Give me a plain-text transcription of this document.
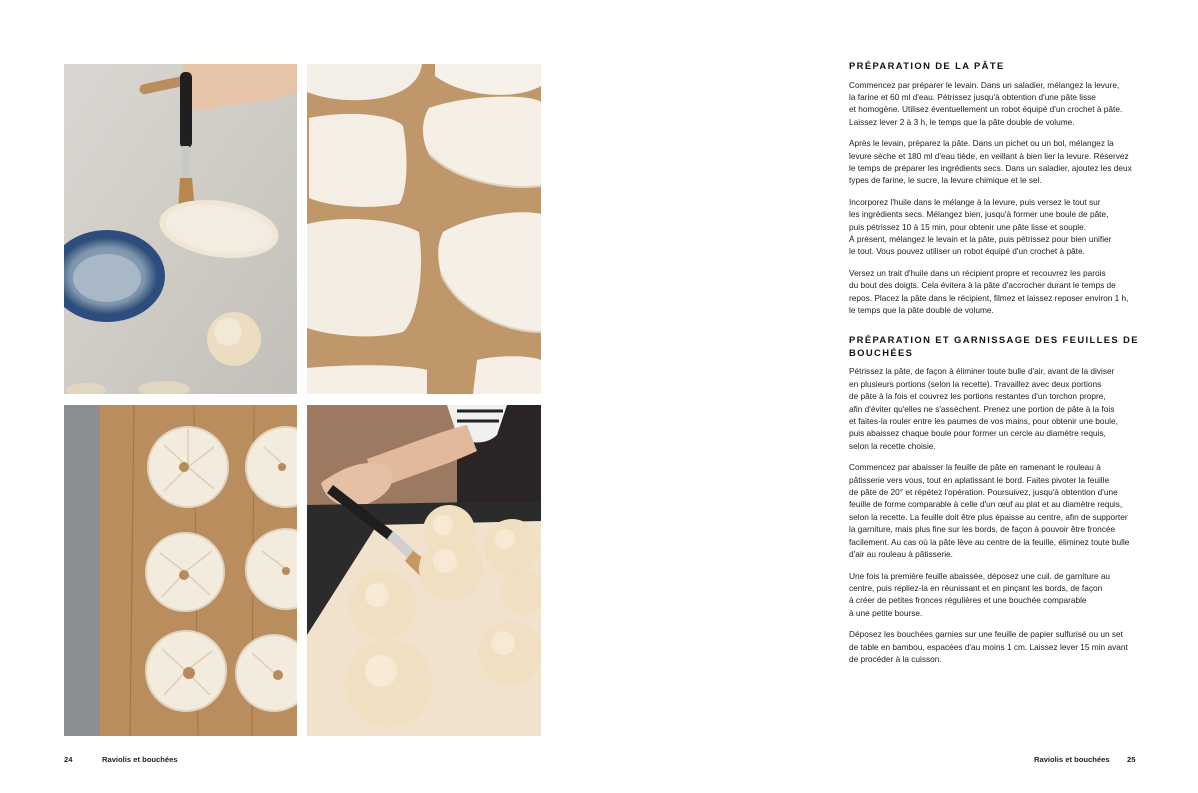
PRÉPARATION DE LA PÂTE

Commencez par préparer le levain. Dans un saladier, mélangez la levure,
la farine et 60 ml d'eau. Pétrissez jusqu'à obtention d'une pâte lisse
et homogène. Utilisez éventuellement un robot équipé d'un crochet à pâte.
Laissez lever 2 à 3 h, le temps que la pâte double de volume.

Après le levain, préparez la pâte. Dans un pichet ou un bol, mélangez la
levure sèche et 180 ml d'eau tiède, en veillant à bien lier la levure. Réservez
le temps de préparer les ingrédients secs. Dans un saladier, ajoutez les deux
types de farine, le sucre, la levure chimique et le sel.

Incorporez l'huile dans le mélange à la levure, puis versez le tout sur
les ingrédients secs. Mélangez bien, jusqu'à former une boule de pâte,
puis pétrissez 10 à 15 min, pour obtenir une pâte lisse et souple.
À présent, mélangez le levain et la pâte, puis pétrissez pour bien unifier
le tout. Vous pouvez utiliser un robot équipé d'un crochet à pâte.

Versez un trait d'huile dans un récipient propre et recouvrez les parois
du bout des doigts. Cela évitera à la pâte d'accrocher durant le temps de
repos. Placez la pâte dans le récipient, filmez et laissez reposer environ 1 h,
le temps que la pâte double de volume.

PRÉPARATION ET GARNISSAGE DES FEUILLES DE BOUCHÉES

Pétrissez la pâte, de façon à éliminer toute bulle d'air, avant de la diviser
en plusieurs portions (selon la recette). Travaillez avec deux portions
de pâte à la fois et couvrez les portions restantes d'un torchon propre,
afin d'éviter qu'elles ne s'assèchent. Prenez une portion de pâte à la fois
et faites-la rouler entre les paumes de vos mains, pour obtenir une boule,
puis abaissez chaque boule pour former un cercle au diamètre requis,
selon la recette choisie.

Commencez par abaisser la feuille de pâte en ramenant le rouleau à
pâtisserie vers vous, tout en aplatissant le bord. Faites pivoter la feuille
de pâte de 20° et répétez l'opération. Poursuivez, jusqu'à obtention d'une
feuille de forme comparable à celle d'un œuf au plat et au diamètre requis,
selon la recette. La feuille doit être plus épaisse au centre, afin de supporter
la garniture, mais plus fine sur les bords, de façon à pouvoir être froncée
facilement. Au cas où la pâte lève au centre de la feuille, éliminez toute bulle
d'air au rouleau à pâtisserie.

Une fois la première feuille abaissée, déposez une cuil. de garniture au
centre, puis repliez-la en réunissant et en pinçant les bords, de façon
à créer de petites fronces régulières et une bouchée comparable
à une petite bourse.

Déposez les bouchées garnies sur une feuille de papier sulfurisé ou un set
de table en bambou, espacées d'au moins 1 cm. Laissez lever 15 min avant
de procéder à la cuisson.

24	Raviolis et bouchées	Raviolis et bouchées 25
